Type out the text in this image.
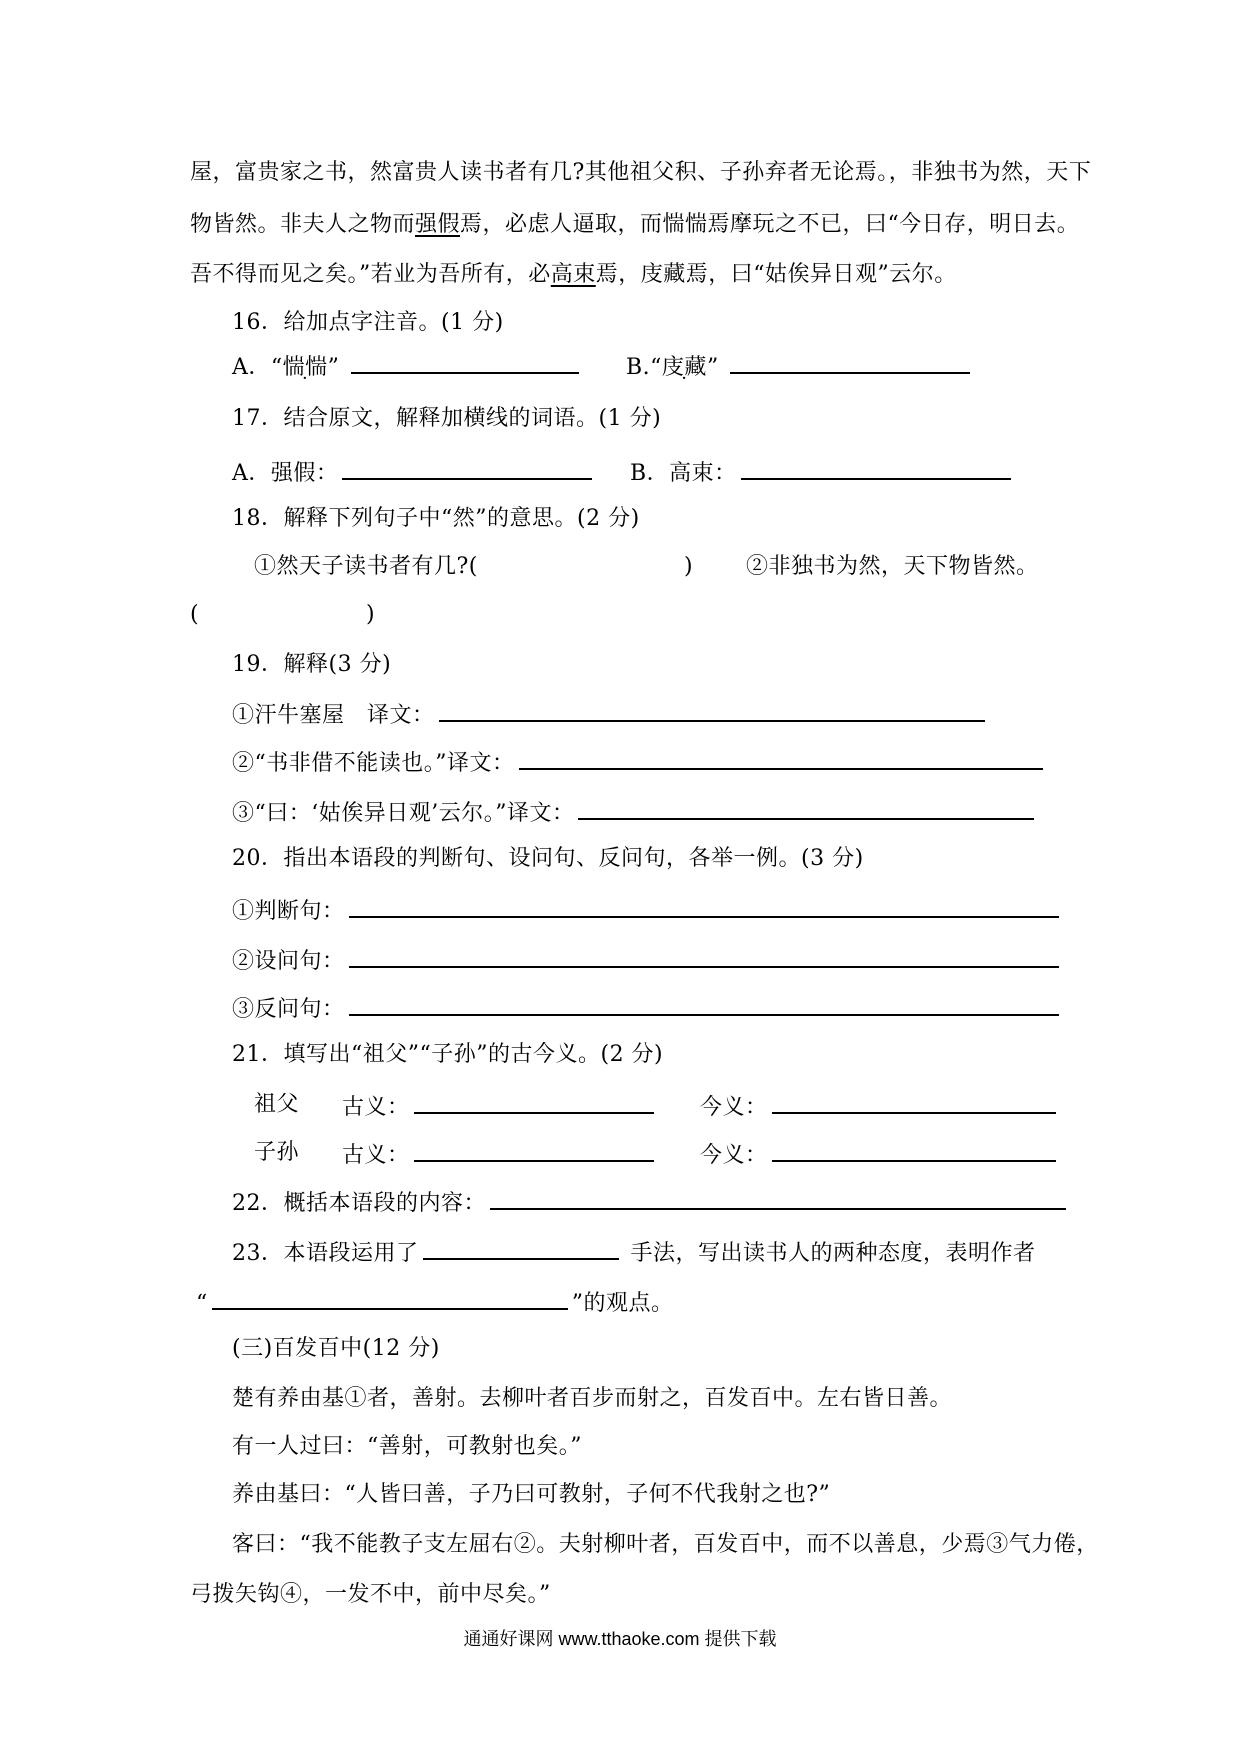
屋，富贵家之书，然富贵人读书者有几?其他祖父积、子孙弃者无论焉。，非独书为然，天下
物皆然。非夫人之物而强假焉，必虑人逼取，而惴惴焉摩玩之不已，曰“今日存，明日去。
吾不得而见之矣。”若业为吾所有，必高束焉，庋藏焉，曰“姑俟异日观”云尔。
16．给加点字注音。(1 分)
A．“惴惴”	B.“庋藏”
17．结合原文，解释加横线的词语。(1 分)
A．强假：	B．高束：
18．解释下列句子中“然”的意思。(2 分)
①然天子读书者有几?(	) ②非独书为然，天下物皆然。
(	)
19．解释(3 分)
①汗牛塞屋　译文：
②“书非借不能读也。”译文：
③“曰：‘姑俟异日观’云尔。”译文：
20．指出本语段的判断句、设问句、反问句，各举一例。(3 分)
①判断句：
②设问句：
③反问句：
21．填写出“祖父”“子孙”的古今义。(2 分)
祖父 古义：	今义：
子孙 古义：	今义：
22．概括本语段的内容：
23．本语段运用了	手法，写出读书人的两种态度，表明作者
“	”的观点。
(三)百发百中(12 分)
楚有养由基①者，善射。去柳叶者百步而射之，百发百中。左右皆日善。
有一人过曰：“善射，可教射也矣。”
养由基曰：“人皆曰善，子乃曰可教射，子何不代我射之也?”
客曰：“我不能教子支左屈右②。夫射柳叶者，百发百中，而不以善息，少焉③气力倦，
弓拨矢钩④，一发不中，前中尽矣。”
通通好课网 www.tthaoke.com 提供下载
